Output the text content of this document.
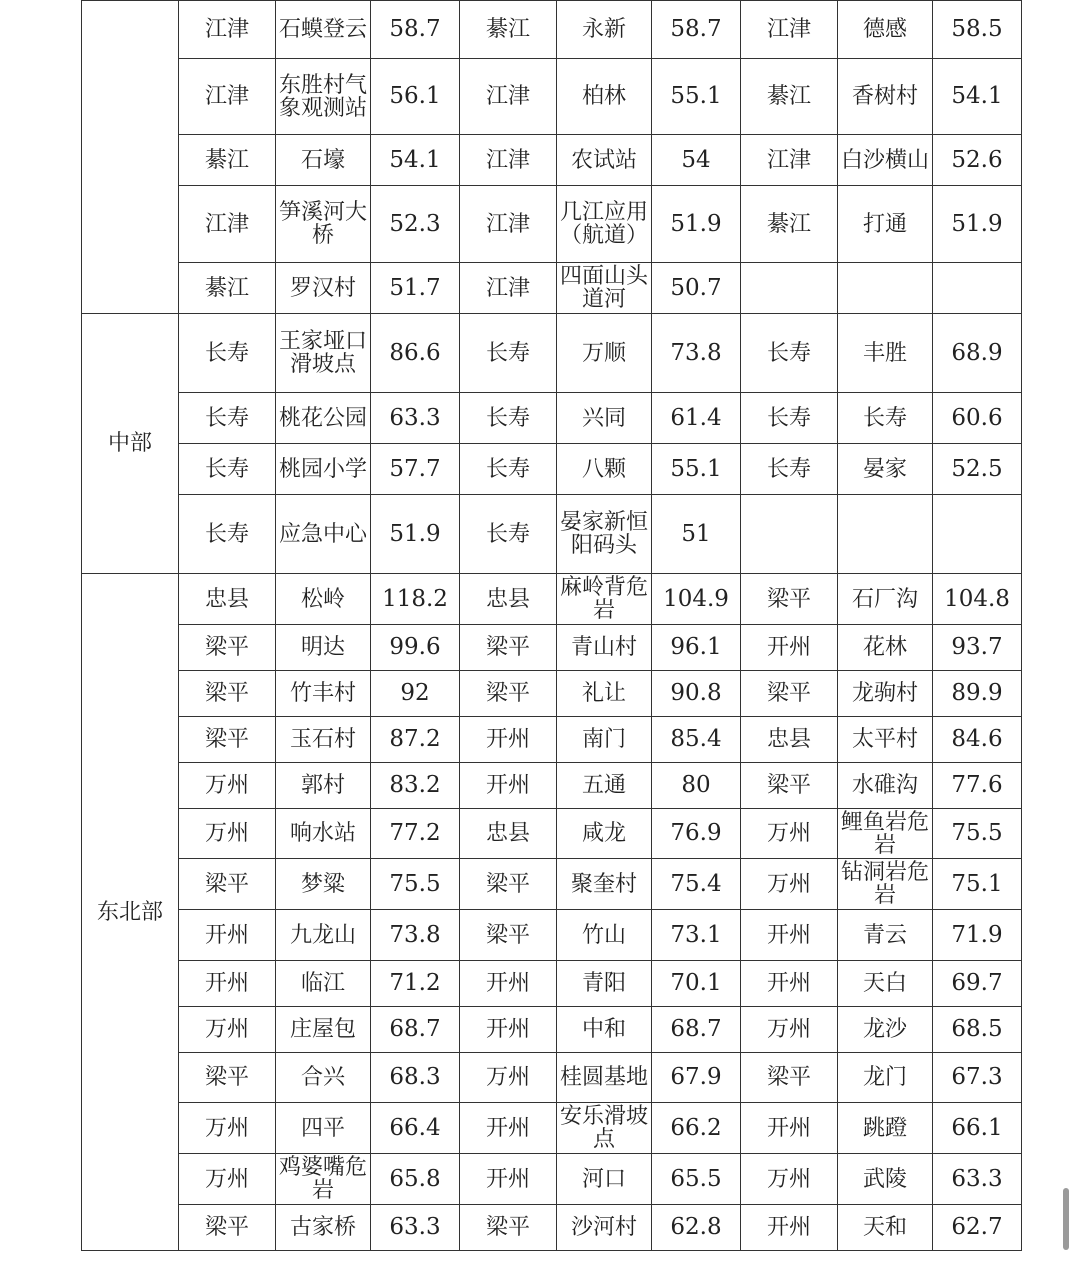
	江津	石蟆登云	58.7	綦江	永新	58.7	江津	德感	58.5
	江津	东胜村气象观测站	56.1	江津	柏林	55.1	綦江	香树村	54.1
	綦江	石壕	54.1	江津	农试站	54	江津	白沙横山	52.6
	江津	笋溪河大桥	52.3	江津	几江应用（航道）	51.9	綦江	打通	51.9
	綦江	罗汉村	51.7	江津	四面山头道河	50.7			
中部	长寿	王家垭口滑坡点	86.6	长寿	万顺	73.8	长寿	丰胜	68.9
	长寿	桃花公园	63.3	长寿	兴同	61.4	长寿	长寿	60.6
	长寿	桃园小学	57.7	长寿	八颗	55.1	长寿	晏家	52.5
	长寿	应急中心	51.9	长寿	晏家新恒阳码头	51			
东北部	忠县	松岭	118.2	忠县	麻岭背危岩	104.9	梁平	石厂沟	104.8
	梁平	明达	99.6	梁平	青山村	96.1	开州	花林	93.7
	梁平	竹丰村	92	梁平	礼让	90.8	梁平	龙驹村	89.9
	梁平	玉石村	87.2	开州	南门	85.4	忠县	太平村	84.6
	万州	郭村	83.2	开州	五通	80	梁平	水碓沟	77.6
	万州	响水站	77.2	忠县	咸龙	76.9	万州	鲤鱼岩危岩	75.5
	梁平	梦粱	75.5	梁平	聚奎村	75.4	万州	钻洞岩危岩	75.1
	开州	九龙山	73.8	梁平	竹山	73.1	开州	青云	71.9
	开州	临江	71.2	开州	青阳	70.1	开州	天白	69.7
	万州	庄屋包	68.7	开州	中和	68.7	万州	龙沙	68.5
	梁平	合兴	68.3	万州	桂圆基地	67.9	梁平	龙门	67.3
	万州	四平	66.4	开州	安乐滑坡点	66.2	开州	跳蹬	66.1
	万州	鸡婆嘴危岩	65.8	开州	河口	65.5	万州	武陵	63.3
	梁平	古家桥	63.3	梁平	沙河村	62.8	开州	天和	62.7
